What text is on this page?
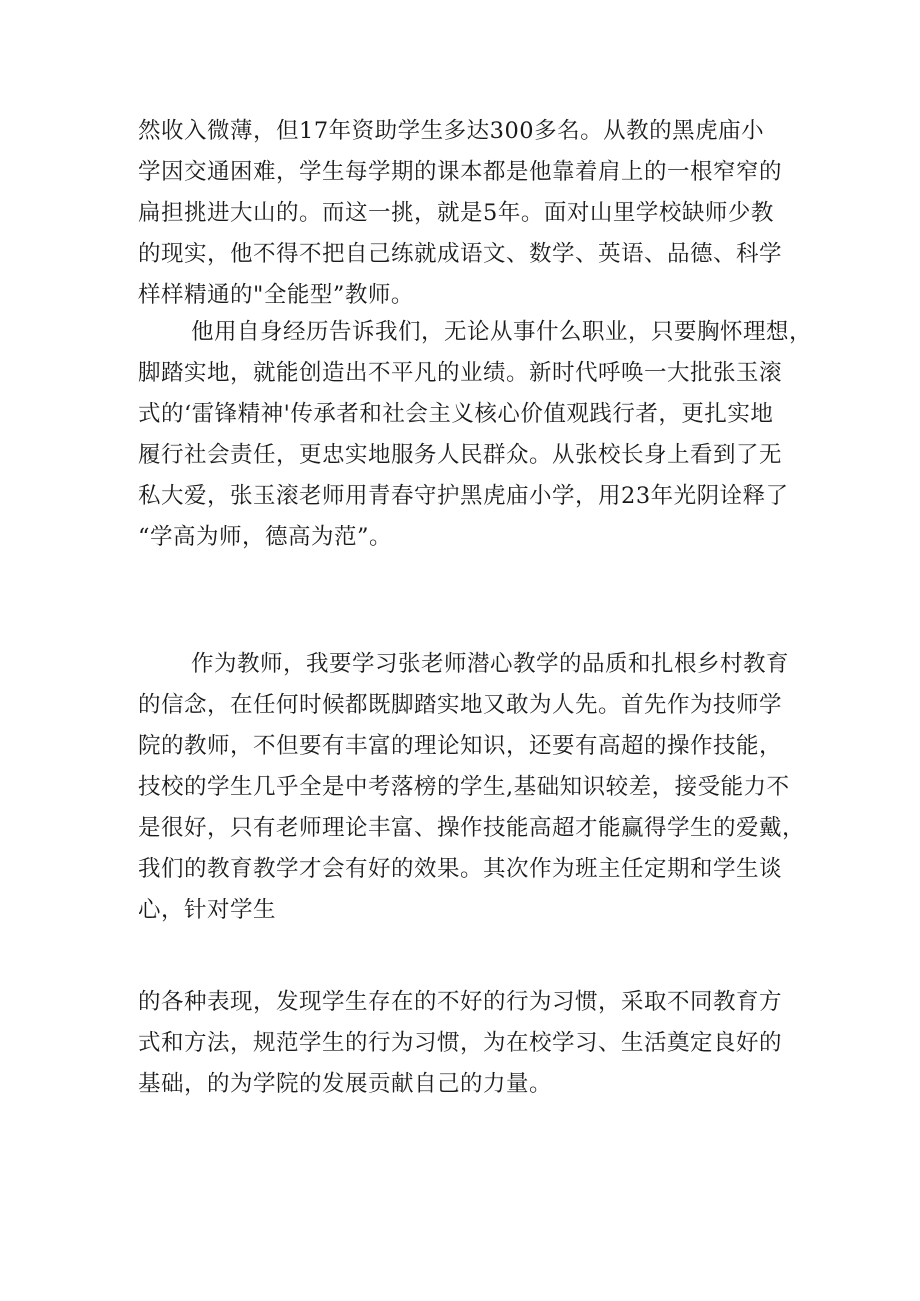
然收入微薄，但17年资助学生多达300多名。从教的黑虎庙小
学因交通困难，学生每学期的课本都是他靠着肩上的一根窄窄的
扁担挑进大山的。而这一挑，就是5年。面对山里学校缺师少教
的现实，他不得不把自己练就成语文、数学、英语、品德、科学
样样精通的"全能型”教师。
他用自身经历告诉我们，无论从事什么职业，只要胸怀理想，
脚踏实地，就能创造出不平凡的业绩。新时代呼唤一大批张玉滚
式的‘雷锋精神'传承者和社会主义核心价值观践行者，更扎实地
履行社会责任，更忠实地服务人民群众。从张校长身上看到了无
私大爱，张玉滚老师用青春守护黑虎庙小学，用23年光阴诠释了
“学高为师，德高为范”。
作为教师，我要学习张老师潜心教学的品质和扎根乡村教育
的信念，在任何时候都既脚踏实地又敢为人先。首先作为技师学
院的教师，不但要有丰富的理论知识，还要有高超的操作技能，
技校的学生几乎全是中考落榜的学生,基础知识较差，接受能力不
是很好，只有老师理论丰富、操作技能高超才能赢得学生的爱戴，
我们的教育教学才会有好的效果。其次作为班主任定期和学生谈
心，针对学生
的各种表现，发现学生存在的不好的行为习惯，采取不同教育方
式和方法，规范学生的行为习惯，为在校学习、生活奠定良好的
基础，的为学院的发展贡献自己的力量。
